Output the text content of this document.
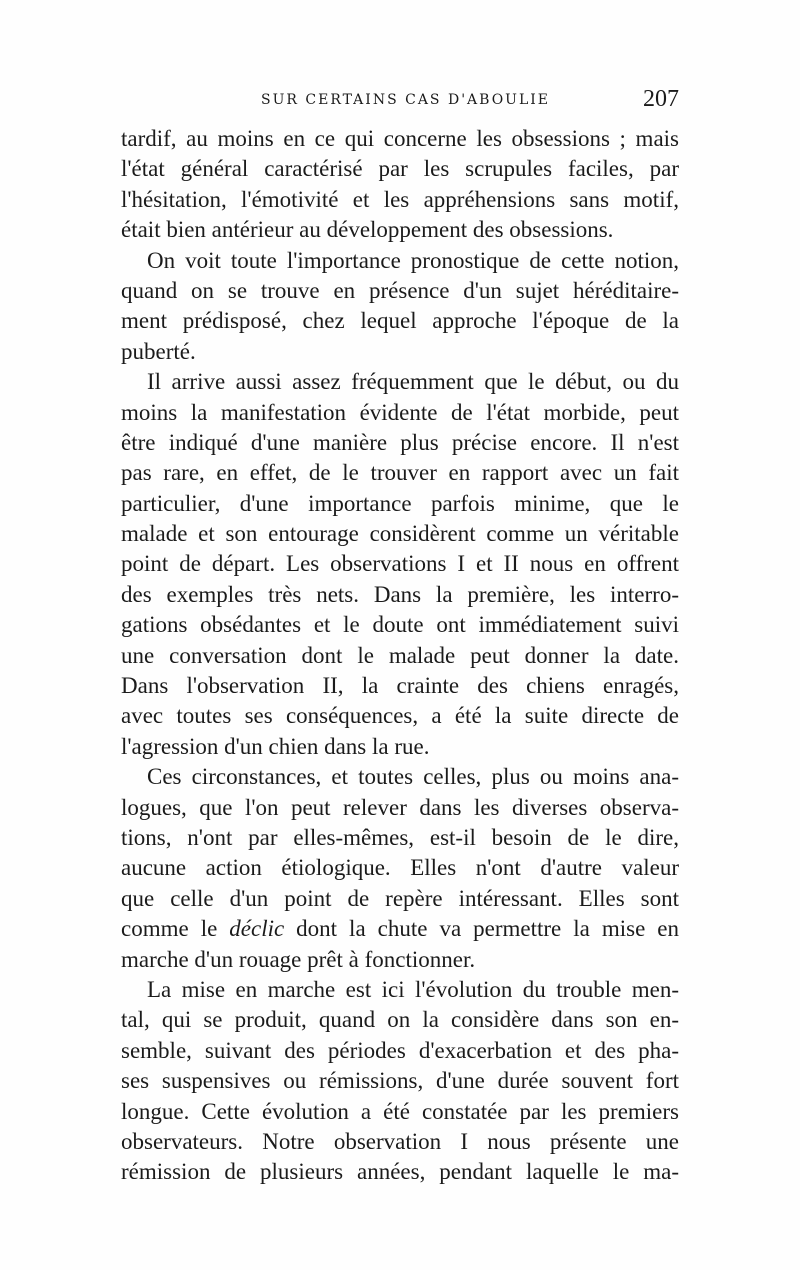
SUR CERTAINS CAS D'ABOULIE	207
tardif, au moins en ce qui concerne les obsessions ; mais
l'état général caractérisé par les scrupules faciles, par
l'hésitation, l'émotivité et les appréhensions sans motif,
était bien antérieur au développement des obsessions.
On voit toute l'importance pronostique de cette notion,
quand on se trouve en présence d'un sujet héréditaire-
ment prédisposé, chez lequel approche l'époque de la
puberté.
Il arrive aussi assez fréquemment que le début, ou du
moins la manifestation évidente de l'état morbide, peut
être indiqué d'une manière plus précise encore. Il n'est
pas rare, en effet, de le trouver en rapport avec un fait
particulier, d'une importance parfois minime, que le
malade et son entourage considèrent comme un véritable
point de départ. Les observations I et II nous en offrent
des exemples très nets. Dans la première, les interro-
gations obsédantes et le doute ont immédiatement suivi
une conversation dont le malade peut donner la date.
Dans l'observation II, la crainte des chiens enragés,
avec toutes ses conséquences, a été la suite directe de
l'agression d'un chien dans la rue.
Ces circonstances, et toutes celles, plus ou moins ana-
logues, que l'on peut relever dans les diverses observa-
tions, n'ont par elles-mêmes, est-il besoin de le dire,
aucune action étiologique. Elles n'ont d'autre valeur
que celle d'un point de repère intéressant. Elles sont
comme le déclic dont la chute va permettre la mise en
marche d'un rouage prêt à fonctionner.
La mise en marche est ici l'évolution du trouble men-
tal, qui se produit, quand on la considère dans son en-
semble, suivant des périodes d'exacerbation et des pha-
ses suspensives ou rémissions, d'une durée souvent fort
longue. Cette évolution a été constatée par les premiers
observateurs. Notre observation I nous présente une
rémission de plusieurs années, pendant laquelle le ma-
